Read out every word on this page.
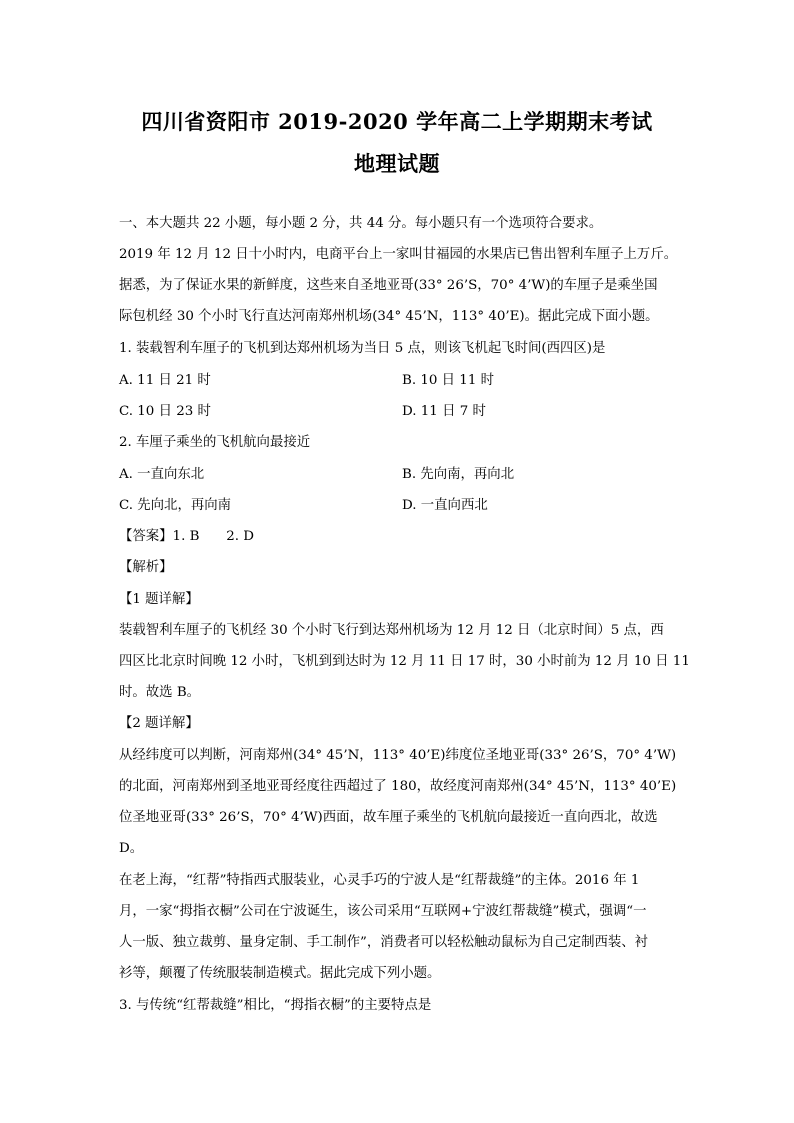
四川省资阳市 2019-2020 学年高二上学期期末考试
地理试题
一、本大题共 22 小题，每小题 2 分，共 44 分。每小题只有一个选项符合要求。
2019 年 12 月 12 日十小时内，电商平台上一家叫甘福园的水果店已售出智利车厘子上万斤。
据悉，为了保证水果的新鲜度，这些来自圣地亚哥(33° 26’S，70° 4’W)的车厘子是乘坐国
际包机经 30 个小时飞行直达河南郑州机场(34° 45’N，113° 40’E)。据此完成下面小题。
1. 装载智利车厘子的飞机到达郑州机场为当日 5 点，则该飞机起飞时间(西四区)是
A. 11 日 21 时	B. 10 日 11 时
C. 10 日 23 时	D. 11 日 7 时
2. 车厘子乘坐的飞机航向最接近
A. 一直向东北	B. 先向南，再向北
C. 先向北，再向南	D. 一直向西北
【答案】1. B　　2. D
【解析】
【1 题详解】
装载智利车厘子的飞机经 30 个小时飞行到达郑州机场为 12 月 12 日（北京时间）5 点，西
四区比北京时间晚 12 小时，飞机到到达时为 12 月 11 日 17 时，30 小时前为 12 月 10 日 11
时。故选 B。
【2 题详解】
从经纬度可以判断，河南郑州(34° 45’N，113° 40’E)纬度位圣地亚哥(33° 26’S，70° 4’W)
的北面，河南郑州到圣地亚哥经度往西超过了 180，故经度河南郑州(34° 45’N，113° 40’E)
位圣地亚哥(33° 26’S，70° 4’W)西面，故车厘子乘坐的飞机航向最接近一直向西北，故选
D。
在老上海，“红帮”特指西式服装业，心灵手巧的宁波人是“红帮裁缝”的主体。2016 年 1
月，一家“拇指衣橱”公司在宁波诞生，该公司采用“互联网+宁波红帮裁缝”模式，强调“一
人一版、独立裁剪、量身定制、手工制作”，消费者可以轻松触动鼠标为自己定制西装、衬
衫等，颠覆了传统服装制造模式。据此完成下列小题。
3. 与传统“红帮裁缝”相比，“拇指衣橱”的主要特点是
